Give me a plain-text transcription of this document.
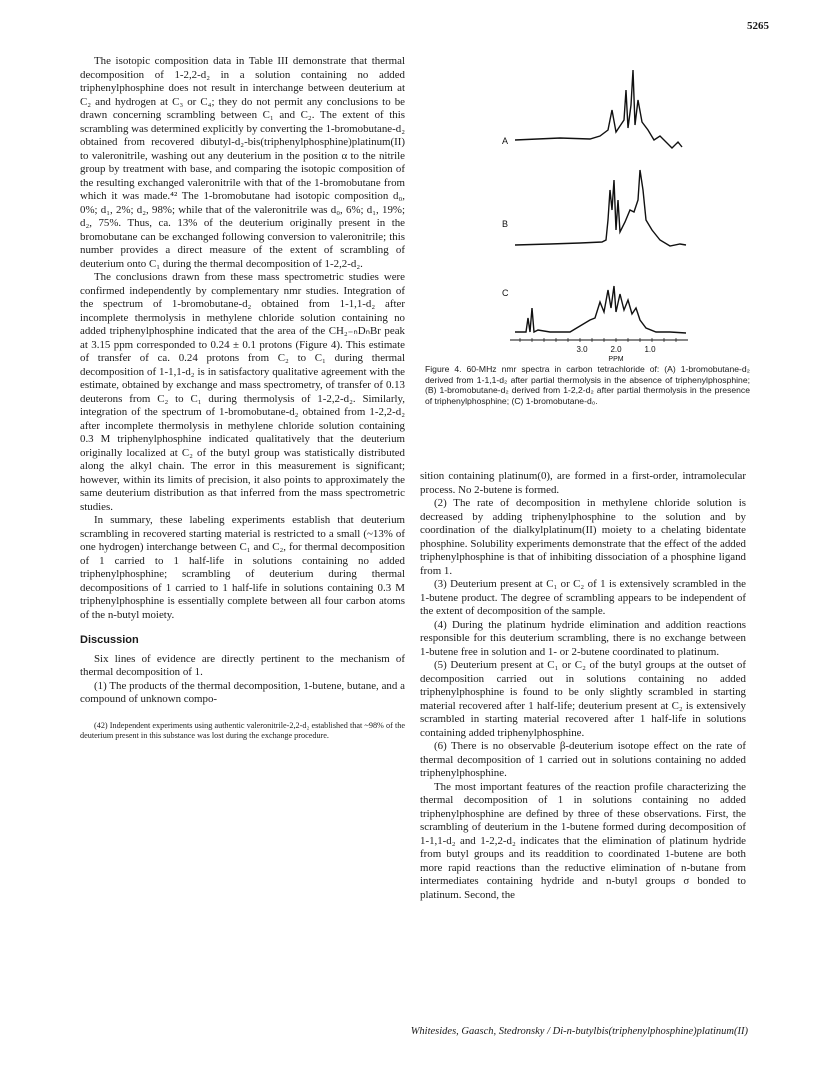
5265

The isotopic composition data in Table III demonstrate that thermal decomposition of 1-2,2-d₂ in a solution containing no added triphenylphosphine does not result in interchange between deuterium at C₂ and hydrogen at C₃ or C₄; they do not permit any conclusions to be drawn concerning scrambling between C₁ and C₂. The extent of this scrambling was determined explicitly by converting the 1-bromobutane-d₂ obtained from recovered dibutyl-d₂-bis(triphenylphosphine)platinum(II) to valeronitrile, washing out any deuterium in the position α to the nitrile group by treatment with base, and comparing the isotopic composition of the resulting exchanged valeronitrile with that of the 1-bromobutane from which it was made.⁴² The 1-bromobutane had isotopic composition d₀, 0%; d₁, 2%; d₂, 98%; while that of the valeronitrile was d₀, 6%; d₁, 19%; d₂, 75%. Thus, ca. 13% of the deuterium originally present in the bromobutane can be exchanged following conversion to valeronitrile; this number provides a direct measure of the extent of scrambling of deuterium onto C₁ during the thermal decomposition of 1-2,2-d₂.

The conclusions drawn from these mass spectrometric studies were confirmed independently by complementary nmr studies. Integration of the spectrum of 1-bromobutane-d₂ obtained from 1-1,1-d₂ after incomplete thermolysis in methylene chloride solution containing no added triphenylphosphine indicated that the area of the CH₂₋ₙDₙBr peak at 3.15 ppm corresponded to 0.24 ± 0.1 protons (Figure 4). This estimate of transfer of ca. 0.24 protons from C₂ to C₁ during thermal decomposition of 1-1,1-d₂ is in satisfactory qualitative agreement with the estimate, obtained by exchange and mass spectrometry, of transfer of 0.13 deuterons from C₂ to C₁ during thermolysis of 1-2,2-d₂. Similarly, integration of the spectrum of 1-bromobutane-d₂ obtained from 1-2,2-d₂ after incomplete thermolysis in methylene chloride solution containing 0.3 M triphenylphosphine indicated qualitatively that the deuterium originally localized at C₂ of the butyl group was statistically distributed along the alkyl chain. The error in this measurement is significant; however, within its limits of precision, it also points to approximately the same deuterium distribution as that inferred from the mass spectrometric studies.

In summary, these labeling experiments establish that deuterium scrambling in recovered starting material is restricted to a small (~13% of one hydrogen) interchange between C₁ and C₂, for thermal decomposition of 1 carried to 1 half-life in solutions containing no added triphenylphosphine; scrambling of deuterium during thermal decompositions of 1 carried to 1 half-life in solutions containing 0.3 M triphenylphosphine is essentially complete between all four carbon atoms of the n-butyl moiety.

Discussion

Six lines of evidence are directly pertinent to the mechanism of thermal decomposition of 1.

(1) The products of the thermal decomposition, 1-butene, butane, and a compound of unknown compo-

(42) Independent experiments using authentic valeronitrile-2,2-d₂ established that ~98% of the deuterium present in this substance was lost during the exchange procedure.
A
B
C
3.0	2.0	1.0
PPM
Figure 4. 60-MHz nmr spectra in carbon tetrachloride of: (A) 1-bromobutane-d₂ derived from 1-1,1-d₂ after partial thermolysis in the absence of triphenylphosphine; (B) 1-bromobutane-d₂ derived from 1-2,2-d₂ after partial thermolysis in the presence of triphenylphosphine; (C) 1-bromobutane-d₀.

sition containing platinum(0), are formed in a first-order, intramolecular process. No 2-butene is formed.

(2) The rate of decomposition in methylene chloride solution is decreased by adding triphenylphosphine to the solution and by coordination of the dialkylplatinum(II) moiety to a chelating bidentate phosphine. Solubility experiments demonstrate that the effect of the added triphenylphosphine is that of inhibiting dissociation of a phosphine ligand from 1.

(3) Deuterium present at C₁ or C₂ of 1 is extensively scrambled in the 1-butene product. The degree of scrambling appears to be independent of the extent of decomposition of the sample.

(4) During the platinum hydride elimination and addition reactions responsible for this deuterium scrambling, there is no exchange between 1-butene free in solution and 1- or 2-butene coordinated to platinum.

(5) Deuterium present at C₁ or C₂ of the butyl groups at the outset of decomposition carried out in solutions containing no added triphenylphosphine is found to be only slightly scrambled in starting material recovered after 1 half-life; deuterium present at C₂ is extensively scrambled in starting material recovered after 1 half-life in solutions containing added triphenylphosphine.

(6) There is no observable β-deuterium isotope effect on the rate of thermal decomposition of 1 carried out in solutions containing no added triphenylphosphine.

The most important features of the reaction profile characterizing the thermal decomposition of 1 in solutions containing no added triphenylphosphine are defined by three of these observations. First, the scrambling of deuterium in the 1-butene formed during decomposition of 1-1,1-d₂ and 1-2,2-d₂ indicates that the elimination of platinum hydride from butyl groups and its readdition to coordinated 1-butene are both more rapid reactions than the reductive elimination of n-butane from intermediates containing hydride and n-butyl groups σ bonded to platinum. Second, the

Whitesides, Gaasch, Stedronsky / Di-n-butylbis(triphenylphosphine)platinum(II)
